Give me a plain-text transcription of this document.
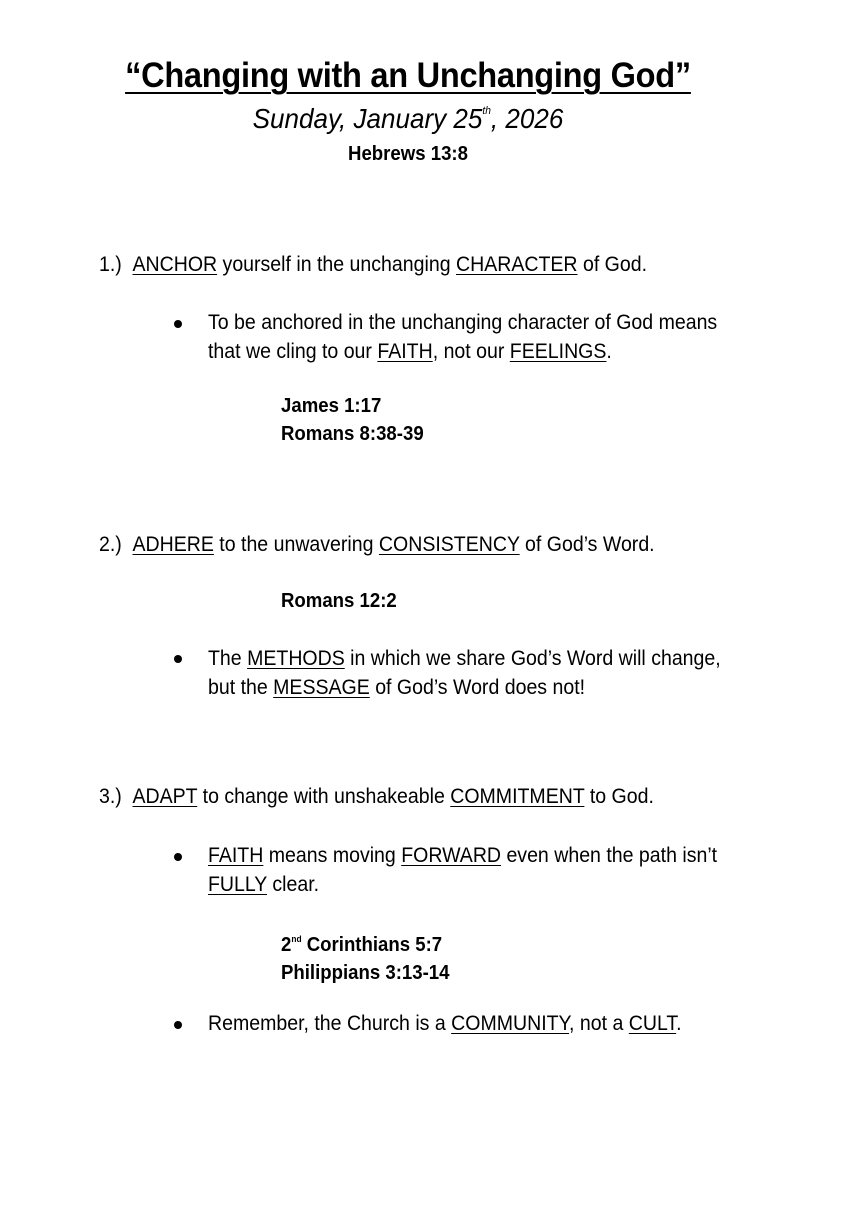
“Changing with an Unchanging God”
Sunday, January 25th, 2026
Hebrews 13:8
1.) ANCHOR yourself in the unchanging CHARACTER of God.
To be anchored in the unchanging character of God means
that we cling to our FAITH, not our FEELINGS.
James 1:17
Romans 8:38-39
2.) ADHERE to the unwavering CONSISTENCY of God’s Word.
Romans 12:2
The METHODS in which we share God’s Word will change,
but the MESSAGE of God’s Word does not!
3.) ADAPT to change with unshakeable COMMITMENT to God.
FAITH means moving FORWARD even when the path isn’t
FULLY clear.
2nd Corinthians 5:7
Philippians 3:13-14
Remember, the Church is a COMMUNITY, not a CULT.
